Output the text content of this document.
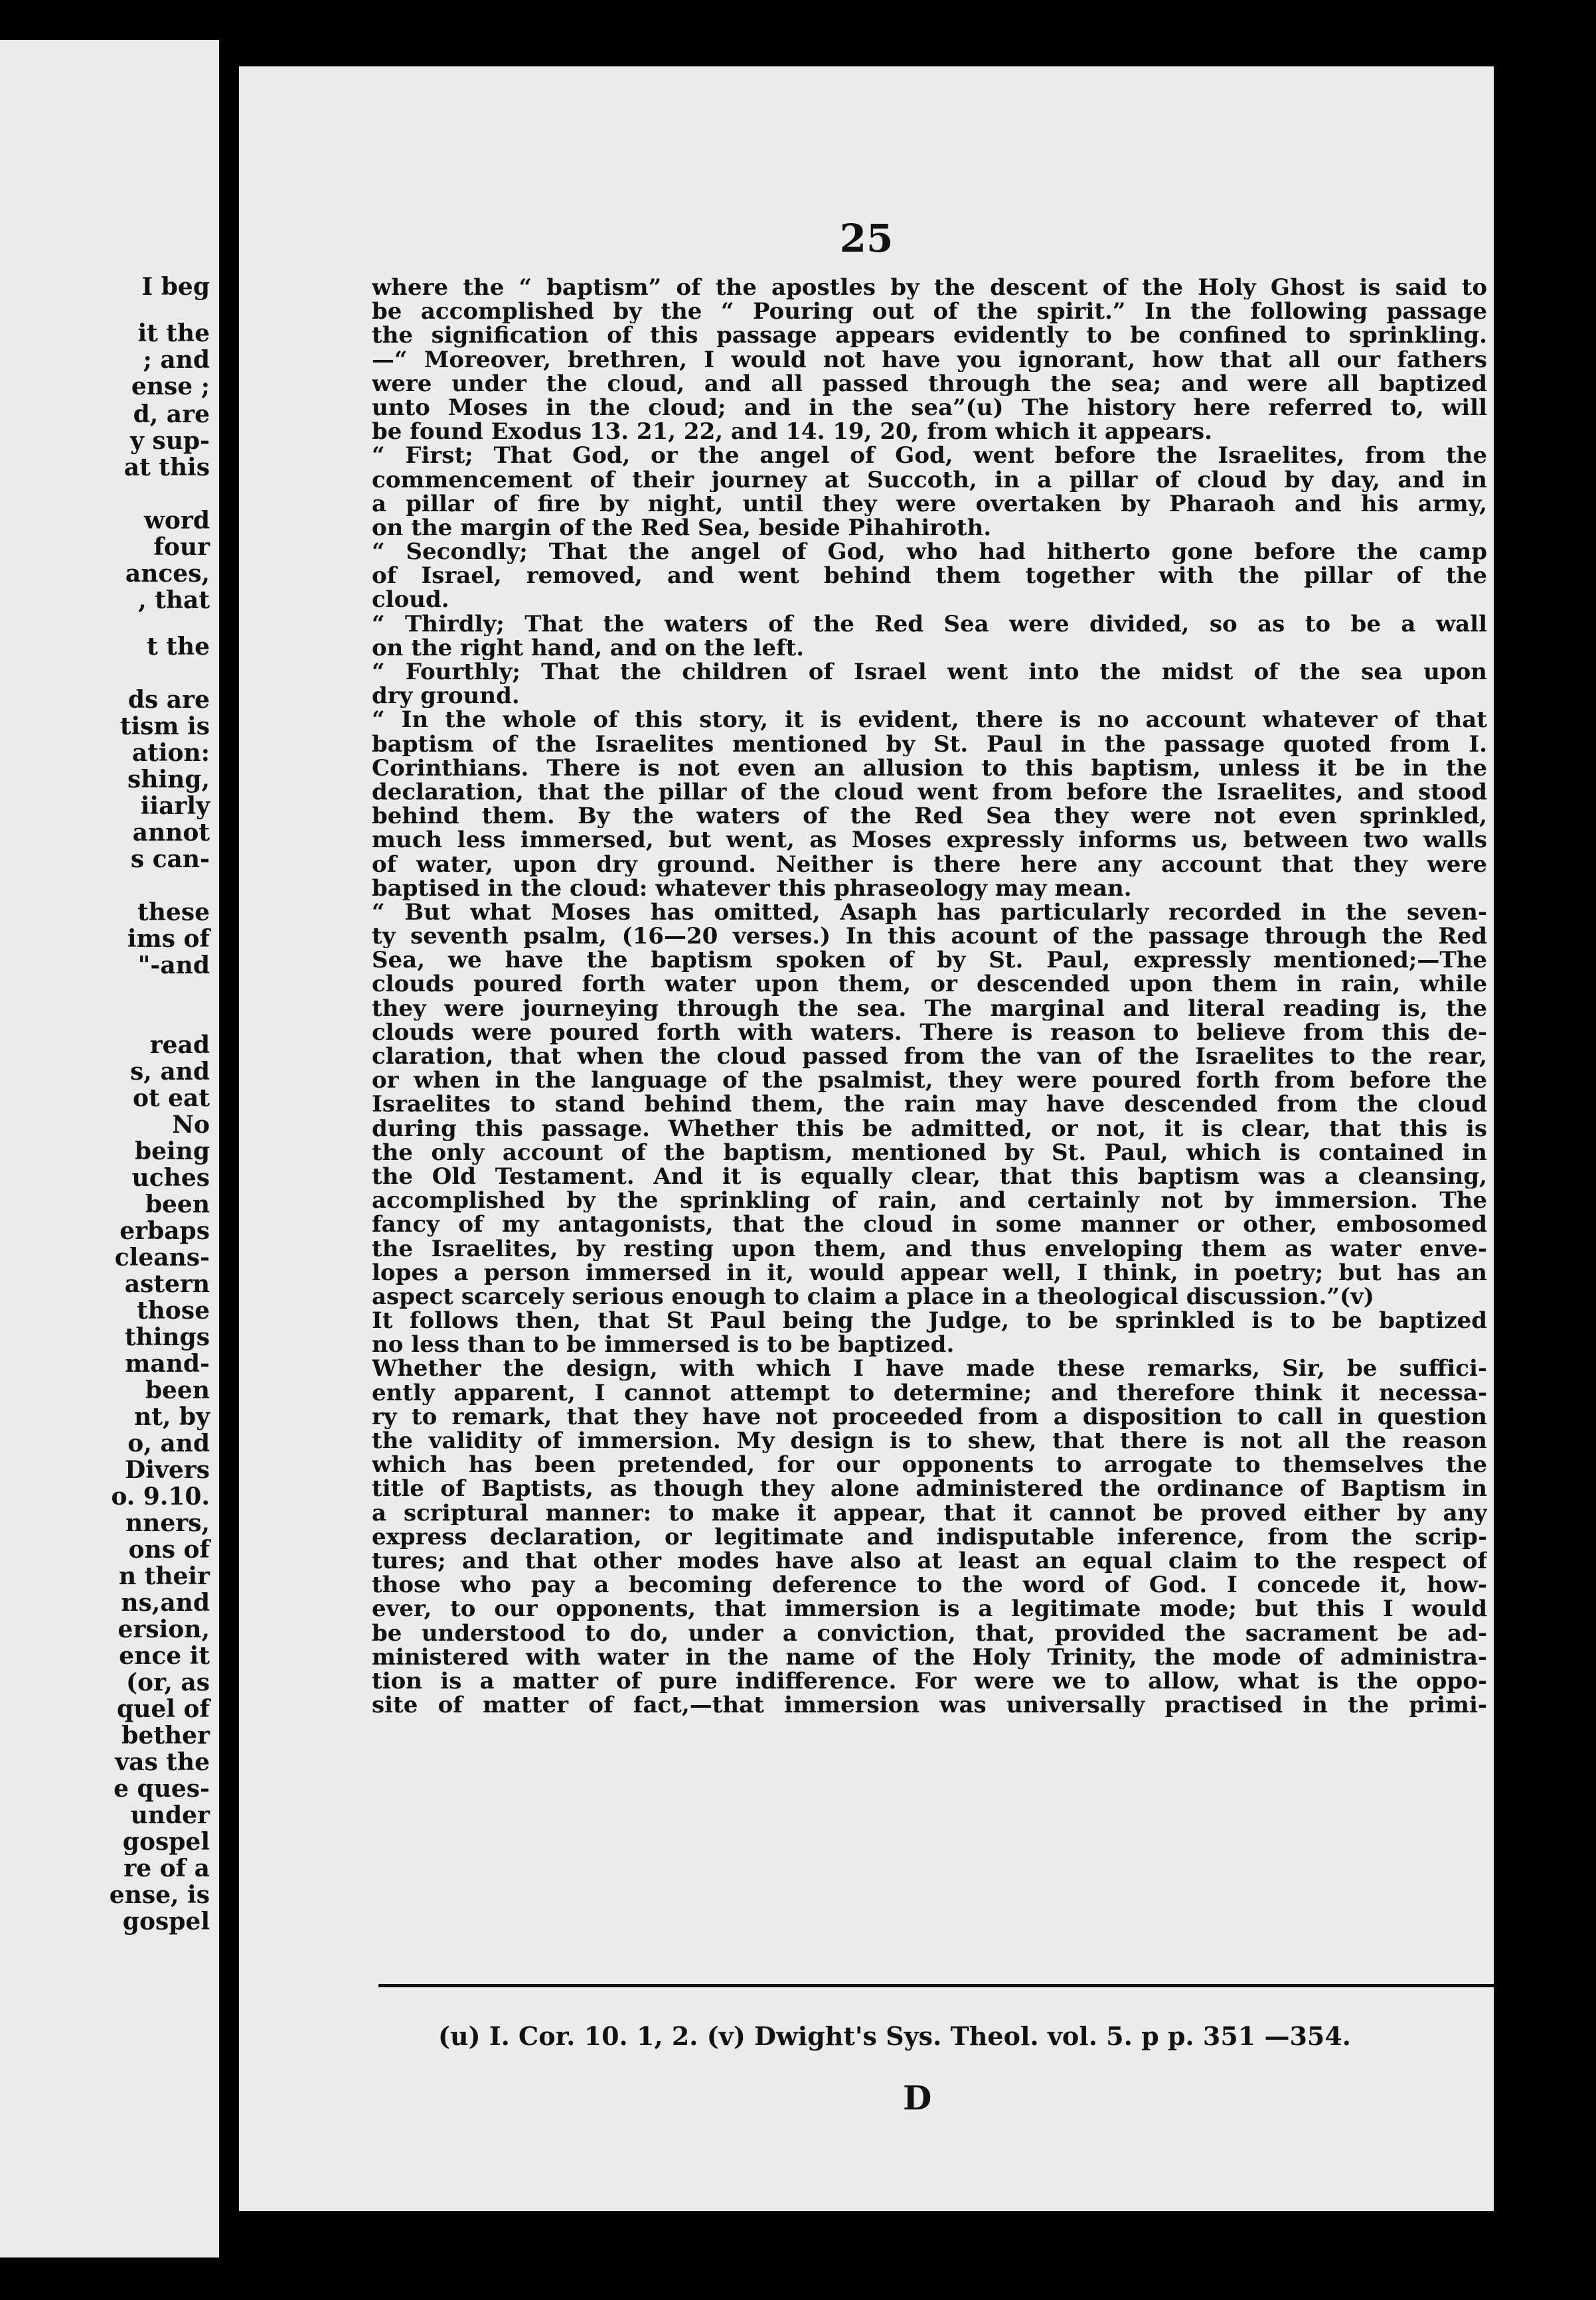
I beg
it the
; and
ense ;
d, are
y sup-
at this
word
four
ances,
, that
t the
ds are
tism is
ation:
shing,
iiarly
annot
s can-
these
ims of
"-and
read
s, and
ot eat
No
being
uches
been
erbaps
cleans-
astern
those
things
mand-
been
nt, by
o, and
Divers
o. 9.10.
nners,
ons of
n their
ns,and
ersion,
ence it
(or, as
quel of
bether
vas the
e ques-
under
gospel
re of a
ense, is
gospel
25
where the “ baptism” of the apostles by the descent of the Holy Ghost is said to
be accomplished by the “ Pouring out of the spirit.” In the following passage
the signification of this passage appears evidently to be confined to sprinkling.
—“ Moreover, brethren, I would not have you ignorant, how that all our fathers
were under the cloud, and all passed through the sea; and were all baptized
unto Moses in the cloud; and in the sea”(u) The history here referred to, will
be found Exodus 13. 21, 22, and 14. 19, 20, from which it appears.
“ First; That God, or the angel of God, went before the Israelites, from the
commencement of their journey at Succoth, in a pillar of cloud by day, and in
a pillar of fire by night, until they were overtaken by Pharaoh and his army,
on the margin of the Red Sea, beside Pihahiroth.
“ Secondly; That the angel of God, who had hitherto gone before the camp
of Israel, removed, and went behind them together with the pillar of the
cloud.
“ Thirdly; That the waters of the Red Sea were divided, so as to be a wall
on the right hand, and on the left.
“ Fourthly; That the children of Israel went into the midst of the sea upon
dry ground.
“ In the whole of this story, it is evident, there is no account whatever of that
baptism of the Israelites mentioned by St. Paul in the passage quoted from I.
Corinthians. There is not even an allusion to this baptism, unless it be in the
declaration, that the pillar of the cloud went from before the Israelites, and stood
behind them. By the waters of the Red Sea they were not even sprinkled,
much less immersed, but went, as Moses expressly informs us, between two walls
of water, upon dry ground. Neither is there here any account that they were
baptised in the cloud: whatever this phraseology may mean.
“ But what Moses has omitted, Asaph has particularly recorded in the seven-
ty seventh psalm, (16—20 verses.) In this acount of the passage through the Red
Sea, we have the baptism spoken of by St. Paul, expressly mentioned;—The
clouds poured forth water upon them, or descended upon them in rain, while
they were journeying through the sea. The marginal and literal reading is, the
clouds were poured forth with waters. There is reason to believe from this de-
claration, that when the cloud passed from the van of the Israelites to the rear,
or when in the language of the psalmist, they were poured forth from before the
Israelites to stand behind them, the rain may have descended from the cloud
during this passage. Whether this be admitted, or not, it is clear, that this is
the only account of the baptism, mentioned by St. Paul, which is contained in
the Old Testament. And it is equally clear, that this baptism was a cleansing,
accomplished by the sprinkling of rain, and certainly not by immersion. The
fancy of my antagonists, that the cloud in some manner or other, embosomed
the Israelites, by resting upon them, and thus enveloping them as water enve-
lopes a person immersed in it, would appear well, I think, in poetry; but has an
aspect scarcely serious enough to claim a place in a theological discussion.”(v)
It follows then, that St Paul being the Judge, to be sprinkled is to be baptized
no less than to be immersed is to be baptized.
Whether the design, with which I have made these remarks, Sir, be suffici-
ently apparent, I cannot attempt to determine; and therefore think it necessa-
ry to remark, that they have not proceeded from a disposition to call in question
the validity of immersion. My design is to shew, that there is not all the reason
which has been pretended, for our opponents to arrogate to themselves the
title of Baptists, as though they alone administered the ordinance of Baptism in
a scriptural manner: to make it appear, that it cannot be proved either by any
express declaration, or legitimate and indisputable inference, from the scrip-
tures; and that other modes have also at least an equal claim to the respect of
those who pay a becoming deference to the word of God. I concede it, how-
ever, to our opponents, that immersion is a legitimate mode; but this I would
be understood to do, under a conviction, that, provided the sacrament be ad-
ministered with water in the name of the Holy Trinity, the mode of administra-
tion is a matter of pure indifference. For were we to allow, what is the oppo-
site of matter of fact,—that immersion was universally practised in the primi-
(u) I. Cor. 10. 1, 2. (v) Dwight's Sys. Theol. vol. 5. p p. 351 —354.
D
